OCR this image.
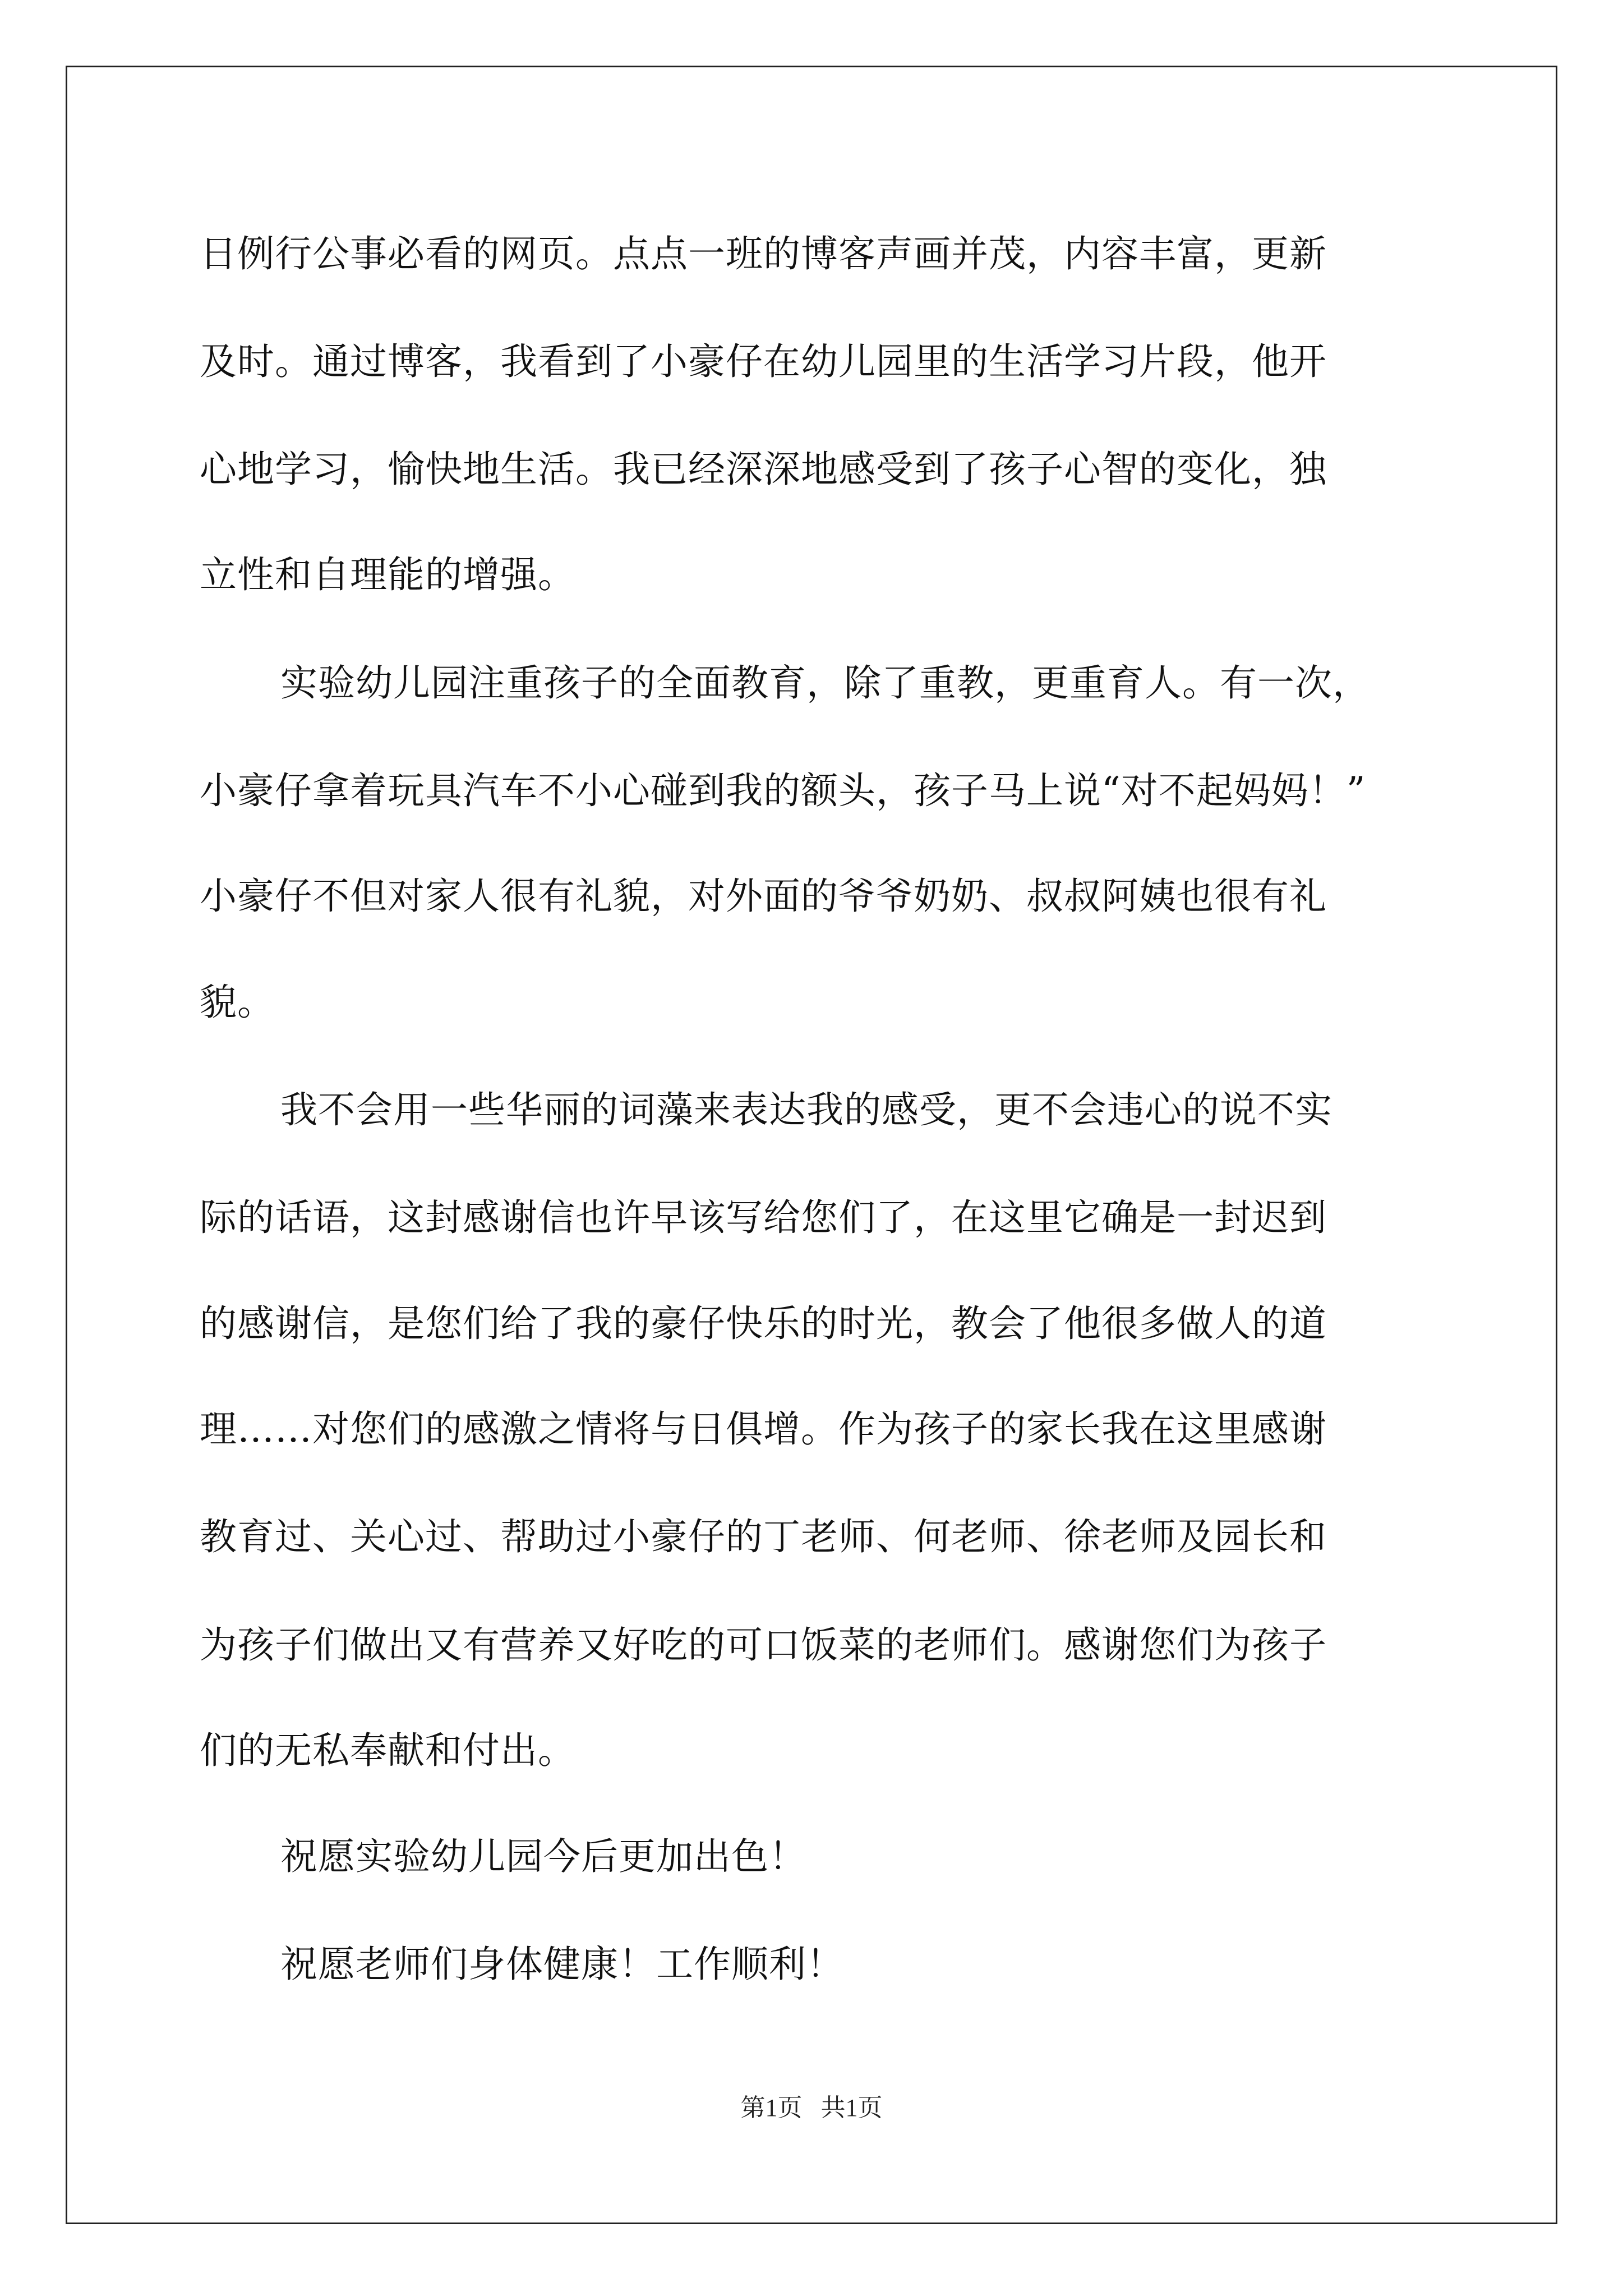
日例行公事必看的网页。点点一班的博客声画并茂，内容丰富，更新
及时。通过博客，我看到了小豪仔在幼儿园里的生活学习片段，他开
心地学习，愉快地生活。我已经深深地感受到了孩子心智的变化，独
立性和自理能的增强。
实验幼儿园注重孩子的全面教育，除了重教，更重育人。有一次，
小豪仔拿着玩具汽车不小心碰到我的额头，孩子马上说“对不起妈妈！”
小豪仔不但对家人很有礼貌，对外面的爷爷奶奶、叔叔阿姨也很有礼
貌。
我不会用一些华丽的词藻来表达我的感受，更不会违心的说不实
际的话语，这封感谢信也许早该写给您们了，在这里它确是一封迟到
的感谢信，是您们给了我的豪仔快乐的时光，教会了他很多做人的道
理……对您们的感激之情将与日俱增。作为孩子的家长我在这里感谢
教育过、关心过、帮助过小豪仔的丁老师、何老师、徐老师及园长和
为孩子们做出又有营养又好吃的可口饭菜的老师们。感谢您们为孩子
们的无私奉献和付出。
祝愿实验幼儿园今后更加出色！
祝愿老师们身体健康！工作顺利！
第1页   共1页
